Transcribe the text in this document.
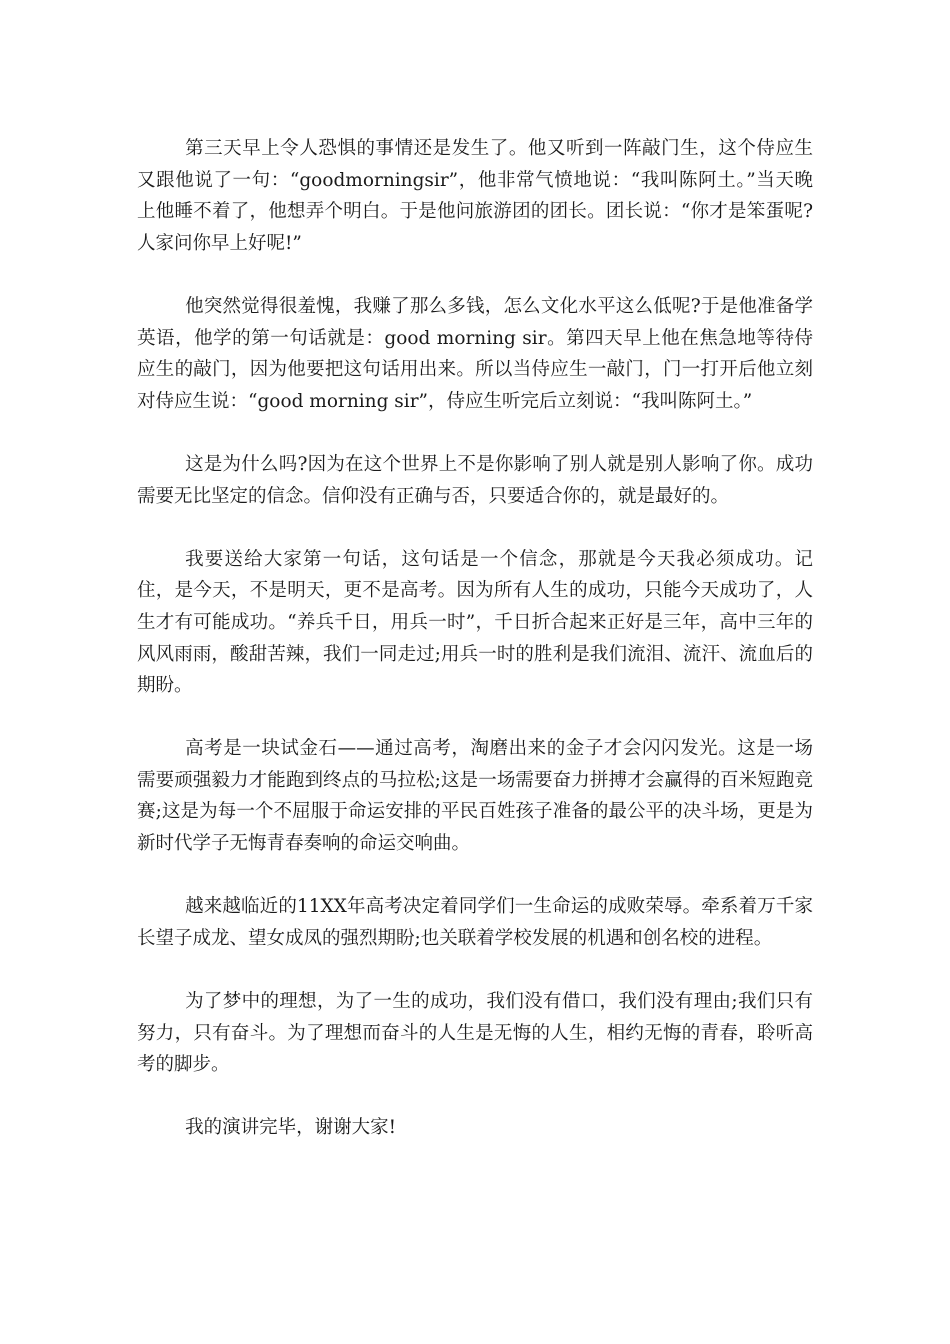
第三天早上令人恐惧的事情还是发生了。他又听到一阵敲门生，这个侍应生又跟他说了一句：“goodmorningsir”，他非常气愤地说：“我叫陈阿土。”当天晚上他睡不着了，他想弄个明白。于是他问旅游团的团长。团长说：“你才是笨蛋呢?人家问你早上好呢!”

他突然觉得很羞愧，我赚了那么多钱，怎么文化水平这么低呢?于是他准备学英语，他学的第一句话就是：good morning sir。第四天早上他在焦急地等待侍应生的敲门，因为他要把这句话用出来。所以当侍应生一敲门，门一打开后他立刻对侍应生说：“good morning sir”，侍应生听完后立刻说：“我叫陈阿土。”

这是为什么吗?因为在这个世界上不是你影响了别人就是别人影响了你。成功需要无比坚定的信念。信仰没有正确与否，只要适合你的，就是最好的。

我要送给大家第一句话，这句话是一个信念，那就是今天我必须成功。记住，是今天，不是明天，更不是高考。因为所有人生的成功，只能今天成功了，人生才有可能成功。“养兵千日，用兵一时”，千日折合起来正好是三年，高中三年的风风雨雨，酸甜苦辣，我们一同走过;用兵一时的胜利是我们流泪、流汗、流血后的期盼。

高考是一块试金石——通过高考，淘磨出来的金子才会闪闪发光。这是一场需要顽强毅力才能跑到终点的马拉松;这是一场需要奋力拼搏才会赢得的百米短跑竞赛;这是为每一个不屈服于命运安排的平民百姓孩子准备的最公平的决斗场，更是为新时代学子无悔青春奏响的命运交响曲。

越来越临近的11XX年高考决定着同学们一生命运的成败荣辱。牵系着万千家长望子成龙、望女成凤的强烈期盼;也关联着学校发展的机遇和创名校的进程。

为了梦中的理想，为了一生的成功，我们没有借口，我们没有理由;我们只有努力，只有奋斗。为了理想而奋斗的人生是无悔的人生，相约无悔的青春，聆听高考的脚步。

我的演讲完毕，谢谢大家!
